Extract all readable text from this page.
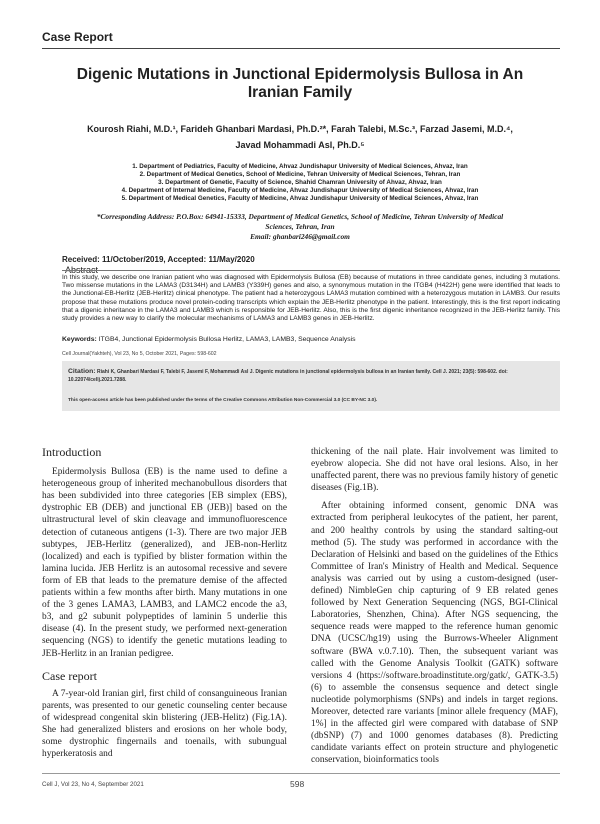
Case Report
Digenic Mutations in Junctional Epidermolysis Bullosa in An Iranian Family
Kourosh Riahi, M.D.¹, Farideh Ghanbari Mardasi, Ph.D.²*, Farah Talebi, M.Sc.³, Farzad Jasemi, M.D.⁴,
Javad Mohammadi Asl, Ph.D.⁵
1. Department of Pediatrics, Faculty of Medicine, Ahvaz Jundishapur University of Medical Sciences, Ahvaz, Iran
2. Department of Medical Genetics, School of Medicine, Tehran University of Medical Sciences, Tehran, Iran
3. Department of Genetic, Faculty of Science, Shahid Chamran University of Ahvaz, Ahvaz, Iran
4. Department of Internal Medicine, Faculty of Medicine, Ahvaz Jundishapur University of Medical Sciences, Ahvaz, Iran
5. Department of Medical Genetics, Faculty of Medicine, Ahvaz Jundishapur University of Medical Sciences, Ahvaz, Iran
*Corresponding Address: P.O.Box: 64941-15333, Department of Medical Genetics, School of Medicine, Tehran University of Medical
Sciences, Tehran, Iran
Email: ghanbari246@gmail.com
Received: 11/October/2019, Accepted: 11/May/2020
Abstract
In this study, we describe one Iranian patient who was diagnosed with Epidermolysis Bullosa (EB) because of mutations in three candidate genes, including 3 mutations. Two missense mutations in the LAMA3 (D3134H) and LAMB3 (Y339H) genes and also, a synonymous mutation in the ITGB4 (H422H) gene were identified that leads to the Junctional-EB-Herlitz (JEB-Herlitz) clinical phenotype. The patient had a heterozygous LAMA3 mutation combined with a heterozygous mutation in LAMB3. Our results propose that these mutations produce novel protein-coding transcripts which explain the JEB-Herlitz phenotype in the patient. Interestingly, this is the first report indicating that a digenic inheritance in the LAMA3 and LAMB3 which is responsible for JEB-Herlitz. Also, this is the first digenic inheritance recognized in the JEB-Herlitz family. This study provides a new way to clarify the molecular mechanisms of LAMA3 and LAMB3 genes in JEB-Herlitz.
Keywords: ITGB4, Junctional Epidermolysis Bullosa Herlitz, LAMA3, LAMB3, Sequence Analysis
Cell Journal(Yakhteh), Vol 23, No 5, October 2021, Pages: 598-602
Citation: Riahi K, Ghanbari Mardasi F, Talebi F, Jasemi F, Mohammadi Asl J. Digenic mutations in junctional epidermolysis bullosa in an Iranian family. Cell J. 2021; 23(5): 598-602. doi: 10.22074/cellj.2021.7288.
This open-access article has been published under the terms of the Creative Commons Attribution Non-Commercial 3.0 (CC BY-NC 3.0).
Introduction

Epidermolysis Bullosa (EB) is the name used to define a heterogeneous group of inherited mechanobullous disorders that has been subdivided into three categories [EB simplex (EBS), dystrophic EB (DEB) and junctional EB (JEB)] based on the ultrastructural level of skin cleavage and immunofluorescence detection of cutaneous antigens (1-3). There are two major JEB subtypes, JEB-Herlitz (generalized), and JEB-non-Herlitz (localized) and each is typified by blister formation within the lamina lucida. JEB Herlitz is an autosomal recessive and severe form of EB that leads to the premature demise of the affected patients within a few months after birth. Many mutations in one of the 3 genes LAMA3, LAMB3, and LAMC2 encode the a3, b3, and g2 subunit polypeptides of laminin 5 underlie this disease (4). In the present study, we performed next-generation sequencing (NGS) to identify the genetic mutations leading to JEB-Herlitz in an Iranian pedigree.

Case report

A 7-year-old Iranian girl, first child of consanguineous Iranian parents, was presented to our genetic counseling center because of widespread congenital skin blistering (JEB-Helitz) (Fig.1A). She had generalized blisters and erosions on her whole body, some dystrophic fingernails and toenails, with subungual hyperkeratosis and

thickening of the nail plate. Hair involvement was limited to eyebrow alopecia. She did not have oral lesions. Also, in her unaffected parent, there was no previous family history of genetic diseases (Fig.1B).

After obtaining informed consent, genomic DNA was extracted from peripheral leukocytes of the patient, her parent, and 200 healthy controls by using the standard salting-out method (5). The study was performed in accordance with the Declaration of Helsinki and based on the guidelines of the Ethics Committee of Iran's Ministry of Health and Medical. Sequence analysis was carried out by using a custom-designed (user-defined) NimbleGen chip capturing of 9 EB related genes followed by Next Generation Sequencing (NGS, BGI-Clinical Laboratories, Shenzhen, China). After NGS sequencing, the sequence reads were mapped to the reference human genomic DNA (UCSC/hg19) using the Burrows-Wheeler Alignment software (BWA v.0.7.10). Then, the subsequent variant was called with the Genome Analysis Toolkit (GATK) software versions 4 (https://software.broadinstitute.org/gatk/, GATK-3.5) (6) to assemble the consensus sequence and detect single nucleotide polymorphisms (SNPs) and indels in target regions. Moreover, detected rare variants [minor allele frequency (MAF), 1%] in the affected girl were compared with database of SNP (dbSNP) (7) and 1000 genomes databases (8). Predicting candidate variants effect on protein structure and phylogenetic conservation, bioinformatics tools

Cell J, Vol 23, No 4, September 2021	598
